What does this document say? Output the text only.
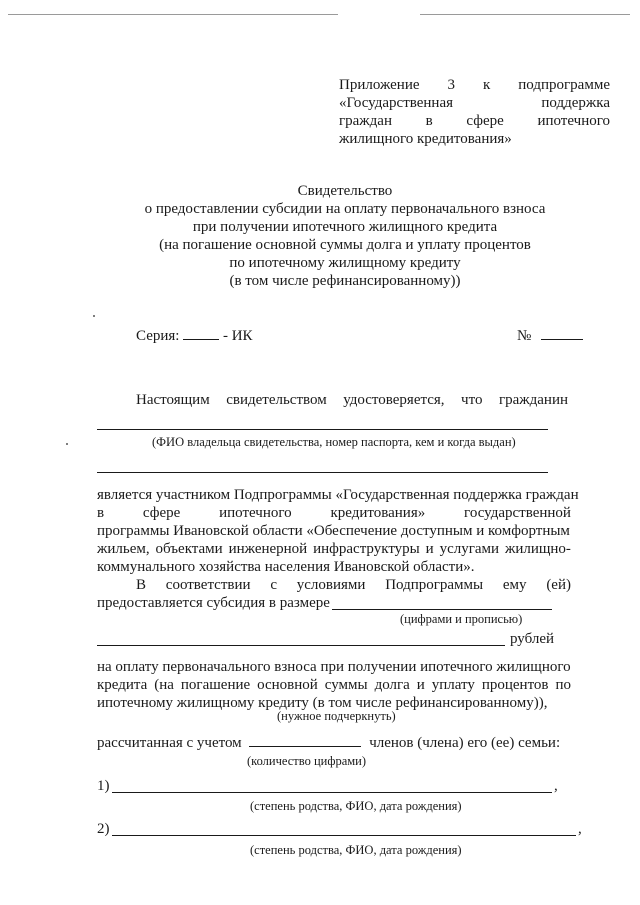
Приложение 3 к подпрограмме
«Государственная	поддержка
граждан в сфере ипотечного
жилищного кредитования»
Свидетельство
о предоставлении субсидии на оплату первоначального взноса
при получении ипотечного жилищного кредита
(на погашение основной суммы долга и уплату процентов
по ипотечному жилищному кредиту
(в том числе рефинансированному))
Серия:	- ИК	№
Настоящим свидетельством удостоверяется, что гражданин
(ФИО владельца свидетельства, номер паспорта, кем и когда выдан)
является участником Подпрограммы «Государственная поддержка граждан
в	сфере	ипотечного	кредитования»	государственной
программы Ивановской области «Обеспечение доступным и комфортным
жильем, объектами инженерной инфраструктуры и услугами жилищно-
коммунального хозяйства населения Ивановской области».
В соответствии с условиями Подпрограммы ему (ей)
предоставляется субсидия в размере
(цифрами и прописью)
рублей
на оплату первоначального взноса при получении ипотечного жилищного
кредита (на погашение основной суммы долга и уплату процентов по
ипотечному жилищному кредиту (в том числе рефинансированному)),
(нужное подчеркнуть)
рассчитанная с учетом	членов (члена) его (ее) семьи:
(количество цифрами)
1)	,
(степень родства, ФИО, дата рождения)
2)	,
(степень родства, ФИО, дата рождения)
